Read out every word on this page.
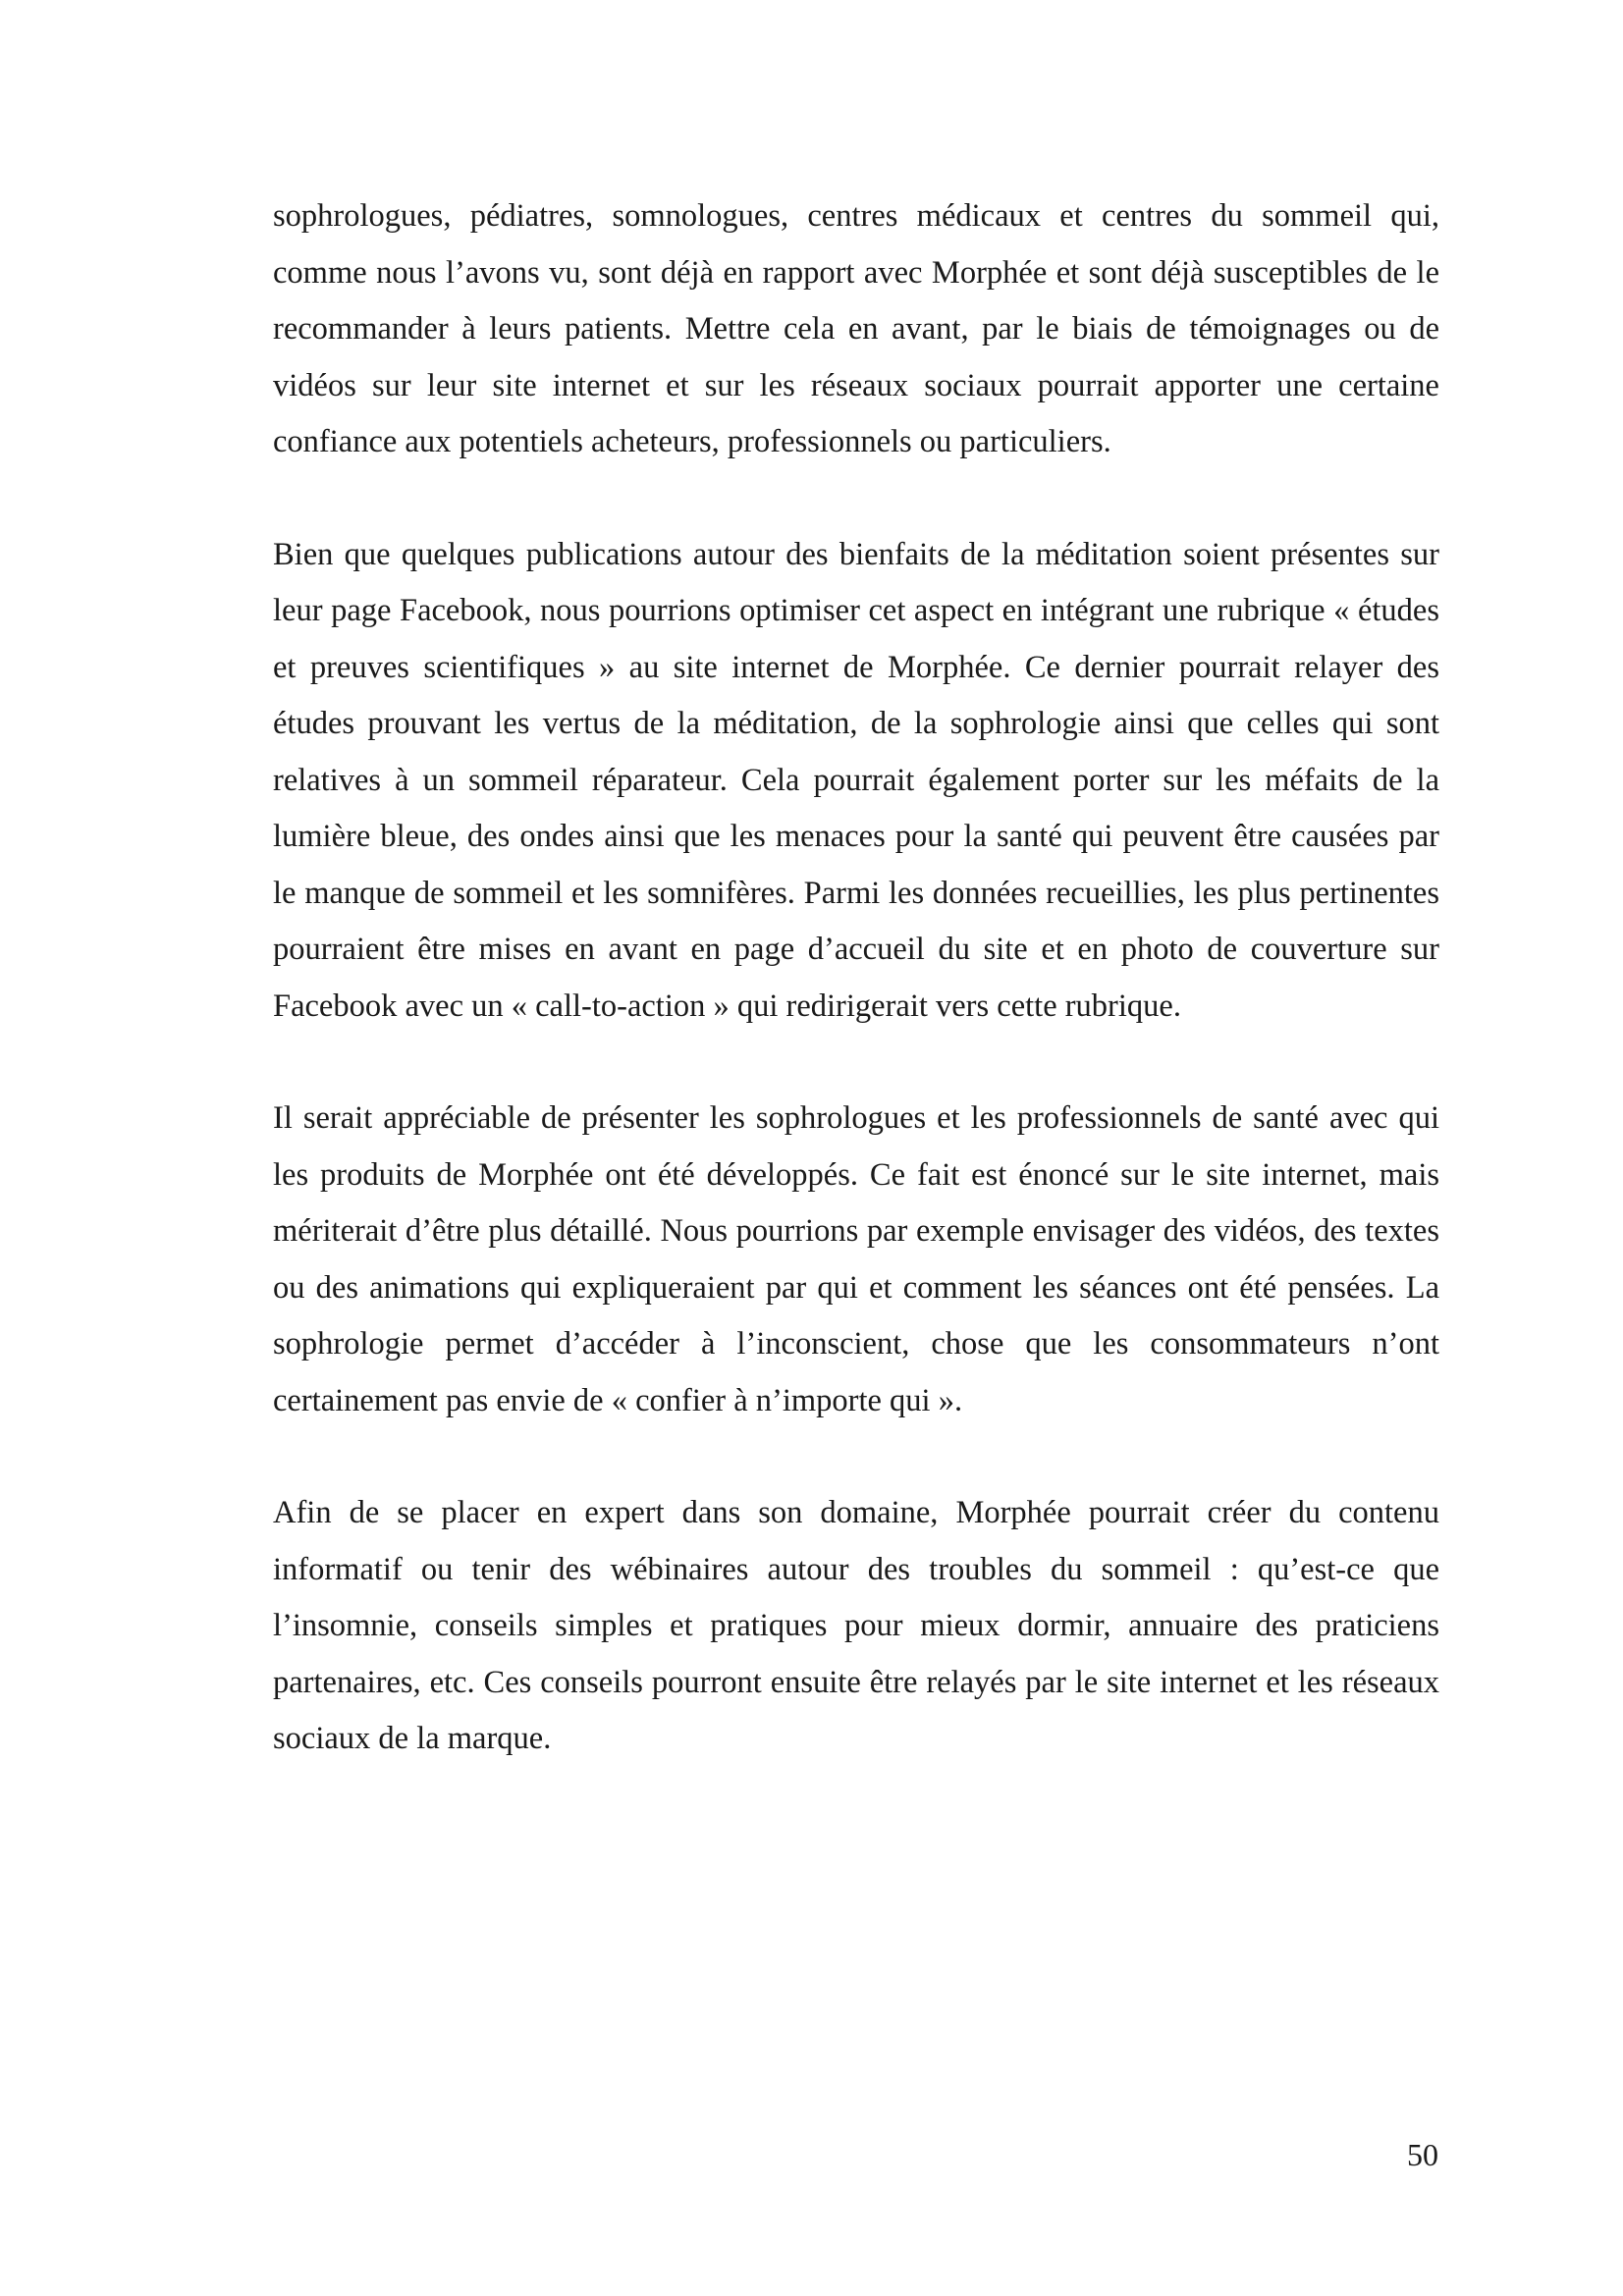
sophrologues, pédiatres, somnologues, centres médicaux et centres du sommeil qui, comme nous l’avons vu, sont déjà en rapport avec Morphée et sont déjà susceptibles de le recommander à leurs patients. Mettre cela en avant, par le biais de témoignages ou de vidéos sur leur site internet et sur les réseaux sociaux pourrait apporter une certaine confiance aux potentiels acheteurs, professionnels ou particuliers.

Bien que quelques publications autour des bienfaits de la méditation soient présentes sur leur page Facebook, nous pourrions optimiser cet aspect en intégrant une rubrique « études et preuves scientifiques » au site internet de Morphée. Ce dernier pourrait relayer des études prouvant les vertus de la méditation, de la sophrologie ainsi que celles qui sont relatives à un sommeil réparateur. Cela pourrait également porter sur les méfaits de la lumière bleue, des ondes ainsi que les menaces pour la santé qui peuvent être causées par le manque de sommeil et les somnifères. Parmi les données recueillies, les plus pertinentes pourraient être mises en avant en page d’accueil du site et en photo de couverture sur Facebook avec un « call-to-action » qui redirigerait vers cette rubrique.

Il serait appréciable de présenter les sophrologues et les professionnels de santé avec qui les produits de Morphée ont été développés. Ce fait est énoncé sur le site internet, mais mériterait d’être plus détaillé. Nous pourrions par exemple envisager des vidéos, des textes ou des animations qui expliqueraient par qui et comment les séances ont été pensées. La sophrologie permet d’accéder à l’inconscient, chose que les consommateurs n’ont certainement pas envie de « confier à n’importe qui ».

Afin de se placer en expert dans son domaine, Morphée pourrait créer du contenu informatif ou tenir des wébinaires autour des troubles du sommeil : qu’est-ce que l’insomnie, conseils simples et pratiques pour mieux dormir, annuaire des praticiens partenaires, etc. Ces conseils pourront ensuite être relayés par le site internet et les réseaux sociaux de la marque.

50
